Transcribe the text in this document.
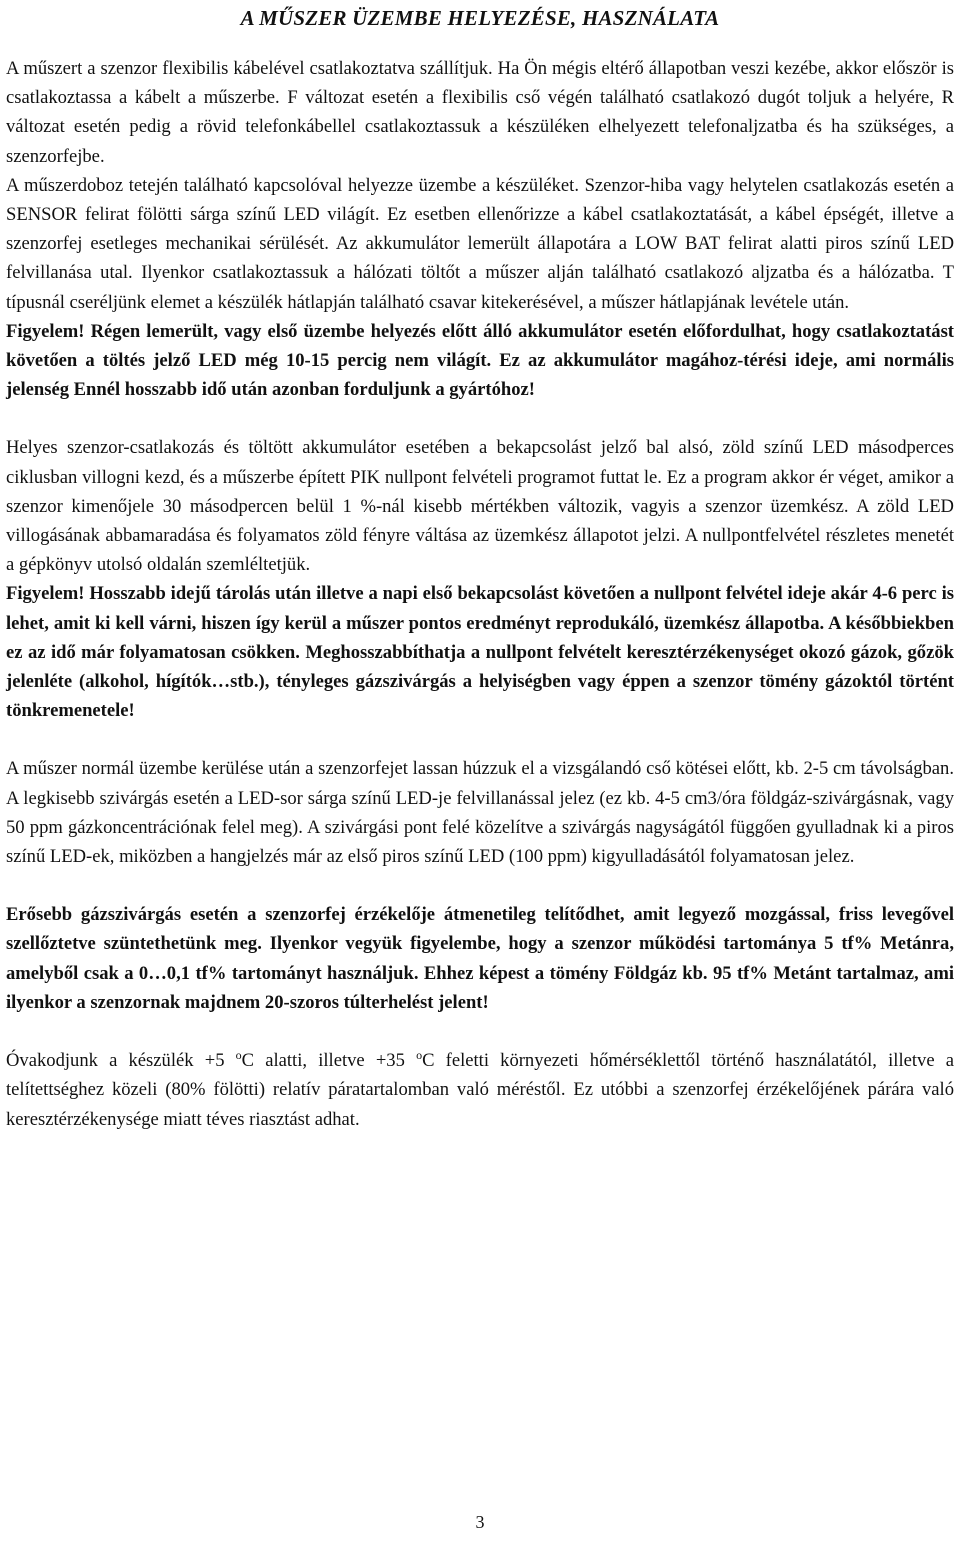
A MŰSZER ÜZEMBE HELYEZÉSE, HASZNÁLATA

A műszert a szenzor flexibilis kábelével csatlakoztatva szállítjuk. Ha Ön mégis eltérő állapotban veszi kezébe, akkor először is csatlakoztassa a kábelt a műszerbe. F változat esetén a flexibilis cső végén található csatlakozó dugót toljuk a helyére, R változat esetén pedig a rövid telefonkábellel csatlakoztassuk a készüléken elhelyezett telefonaljzatba és ha szükséges, a szenzorfejbe.

A műszerdoboz tetején található kapcsolóval helyezze üzembe a készüléket. Szenzor-hiba vagy helytelen csatlakozás esetén a SENSOR felirat fölötti sárga színű LED világít. Ez esetben ellenőrizze a kábel csatlakoztatását, a kábel épségét, illetve a szenzorfej esetleges mechanikai sérülését. Az akkumulátor lemerült állapotára a LOW BAT felirat alatti piros színű LED felvillanása utal. Ilyenkor csatlakoztassuk a hálózati töltőt a műszer alján található csatlakozó aljzatba és a hálózatba. T típusnál cseréljünk elemet a készülék hátlapján található csavar kitekerésével, a műszer hátlapjának levétele után.

Figyelem! Régen lemerült, vagy első üzembe helyezés előtt álló akkumulátor esetén előfordulhat, hogy csatlakoztatást követően a töltés jelző LED még 10-15 percig nem világít. Ez az akkumulátor magához-térési ideje, ami normális jelenség Ennél hosszabb idő után azonban forduljunk a gyártóhoz!

Helyes szenzor-csatlakozás és töltött akkumulátor esetében a bekapcsolást jelző bal alsó, zöld színű LED másodperces ciklusban villogni kezd, és a műszerbe épített PIK nullpont felvételi programot futtat le. Ez a program akkor ér véget, amikor a szenzor kimenőjele 30 másodpercen belül 1 %-nál kisebb mértékben változik, vagyis a szenzor üzemkész. A zöld LED villogásának abbamaradása és folyamatos zöld fényre váltása az üzemkész állapotot jelzi. A nullpontfelvétel részletes menetét a gépkönyv utolsó oldalán szemléltetjük.

Figyelem! Hosszabb idejű tárolás után illetve a napi első bekapcsolást követően a nullpont felvétel ideje akár 4-6 perc is lehet, amit ki kell várni, hiszen így kerül a műszer pontos eredményt reprodukáló, üzemkész állapotba. A későbbiekben ez az idő már folyamatosan csökken. Meghosszabbíthatja a nullpont felvételt keresztérzékenységet okozó gázok, gőzök jelenléte (alkohol, hígítók…stb.), tényleges gázszivárgás a helyiségben vagy éppen a szenzor tömény gázoktól történt tönkremenetele!

A műszer normál üzembe kerülése után a szenzorfejet lassan húzzuk el a vizsgálandó cső kötései előtt, kb. 2-5 cm távolságban. A legkisebb szivárgás esetén a LED-sor sárga színű LED-je felvillanással jelez (ez kb. 4-5 cm3/óra földgáz-szivárgásnak, vagy 50 ppm gázkoncentrációnak felel meg). A szivárgási pont felé közelítve a szivárgás nagyságától függően gyulladnak ki a piros színű LED-ek, miközben a hangjelzés már az első piros színű LED (100 ppm) kigyulladásától folyamatosan jelez.

Erősebb gázszivárgás esetén a szenzorfej érzékelője átmenetileg telítődhet, amit legyező mozgással, friss levegővel szellőztetve szüntethetünk meg. Ilyenkor vegyük figyelembe, hogy a szenzor működési tartománya 5 tf% Metánra, amelyből csak a 0…0,1 tf% tartományt használjuk. Ehhez képest a tömény Földgáz kb. 95 tf% Metánt tartalmaz, ami ilyenkor a szenzornak majdnem 20-szoros túlterhelést jelent!

Óvakodjunk a készülék +5 $^o$C alatti, illetve +35 $^o$C feletti környezeti hőmérséklettől történő használatától, illetve a telítettséghez közeli (80% fölötti) relatív páratartalomban való méréstől. Ez utóbbi a szenzorfej érzékelőjének párára való keresztérzékenysége miatt téves riasztást adhat.

3
